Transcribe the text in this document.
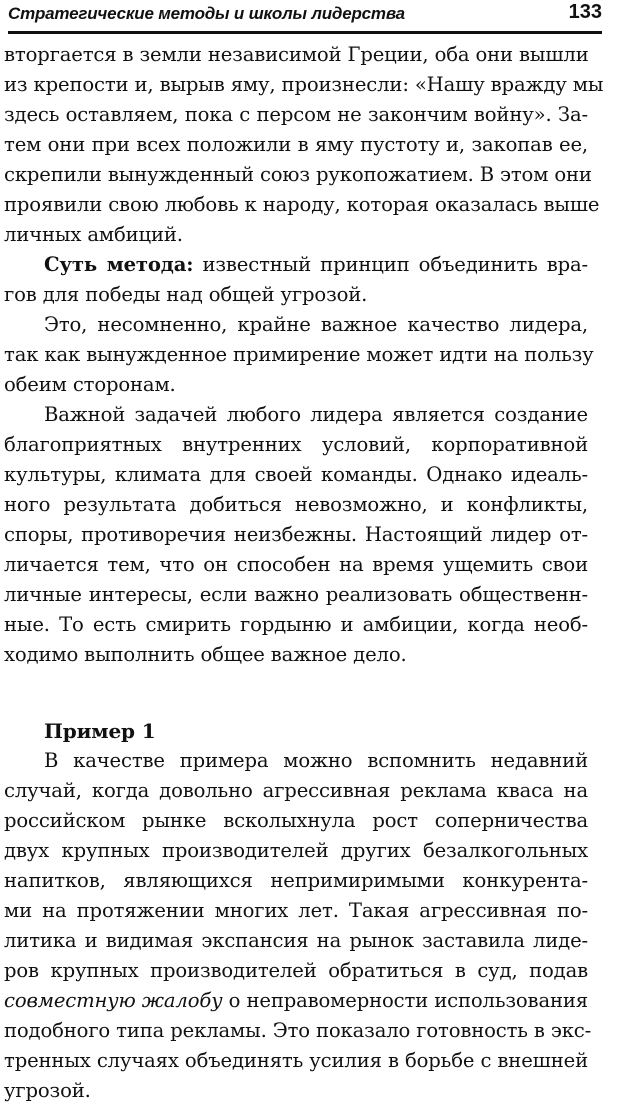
Стратегические методы и школы лидерства	133
вторгается в земли независимой Греции, оба они вышли
из крепости и, вырыв яму, произнесли: «Нашу вражду мы
здесь оставляем, пока с персом не закончим войну». За-
тем они при всех положили в яму пустоту и, закопав ее,
скрепили вынужденный союз рукопожатием. В этом они
проявили свою любовь к народу, которая оказалась выше
личных амбиций.
Суть метода: известный принцип объединить вра-
гов для победы над общей угрозой.
Это, несомненно, крайне важное качество лидера,
так как вынужденное примирение может идти на пользу
обеим сторонам.
Важной задачей любого лидера является создание
благоприятных внутренних условий, корпоративной
культуры, климата для своей команды. Однако идеаль-
ного результата добиться невозможно, и конфликты,
споры, противоречия неизбежны. Настоящий лидер от-
личается тем, что он способен на время ущемить свои
личные интересы, если важно реализовать общественн-
ные. То есть смирить гордыню и амбиции, когда необ-
ходимо выполнить общее важное дело.
Пример 1
В качестве примера можно вспомнить недавний
случай, когда довольно агрессивная реклама кваса на
российском рынке всколыхнула рост соперничества
двух крупных производителей других безалкогольных
напитков, являющихся непримиримыми конкурента-
ми на протяжении многих лет. Такая агрессивная по-
литика и видимая экспансия на рынок заставила лиде-
ров крупных производителей обратиться в суд, подав
совместную жалобу о неправомерности использования
подобного типа рекламы. Это показало готовность в экс-
тренных случаях объединять усилия в борьбе с внешней
угрозой.
